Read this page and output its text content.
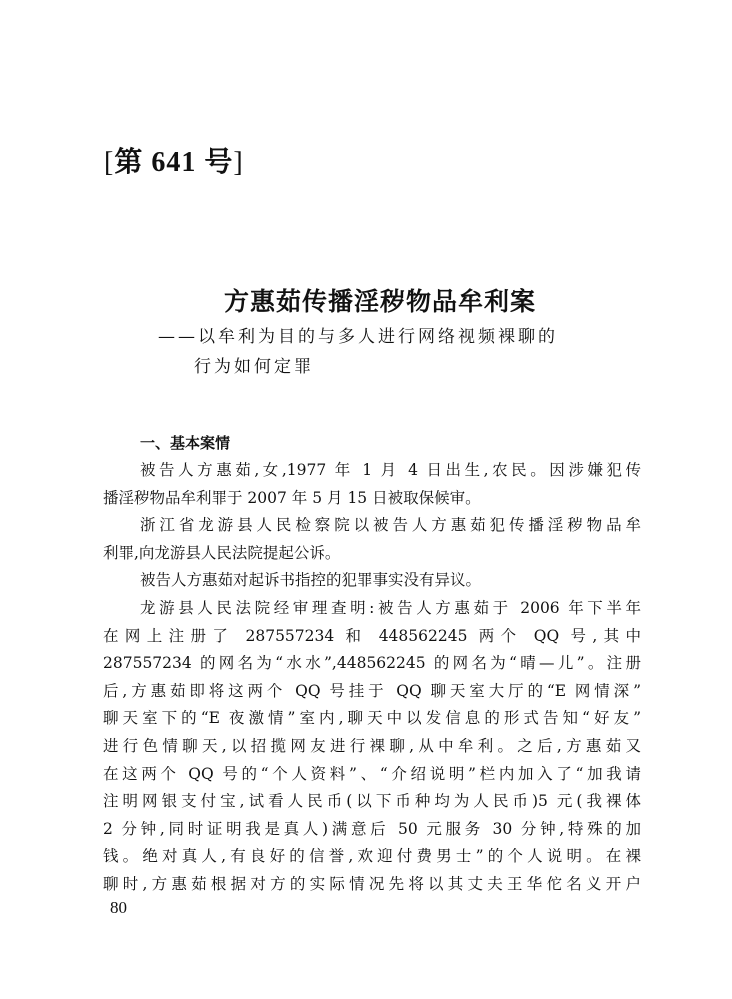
[第 641 号]
方惠茹传播淫秽物品牟利案
——以牟利为目的与多人进行网络视频裸聊的
行为如何定罪
一、基本案情
被告人方惠茹,女,1977 年 1 月 4 日出生,农民。因涉嫌犯传
播淫秽物品牟利罪于 2007 年 5 月 15 日被取保候审。
浙江省龙游县人民检察院以被告人方惠茹犯传播淫秽物品牟
利罪,向龙游县人民法院提起公诉。
被告人方惠茹对起诉书指控的犯罪事实没有异议。
龙游县人民法院经审理查明:被告人方惠茹于 2006 年下半年
在网上注册了 287557234 和 448562245 两个 QQ 号,其中
287557234 的网名为“水水”,448562245 的网名为“晴—儿”。注册
后,方惠茹即将这两个 QQ 号挂于 QQ 聊天室大厅的“E 网情深”
聊天室下的“E 夜激情”室内,聊天中以发信息的形式告知“好友”
进行色情聊天,以招揽网友进行裸聊,从中牟利。之后,方惠茹又
在这两个 QQ 号的“个人资料”、“介绍说明”栏内加入了“加我请
注明网银支付宝,试看人民币(以下币种均为人民币)5 元(我裸体
2 分钟,同时证明我是真人)满意后 50 元服务 30 分钟,特殊的加
钱。绝对真人,有良好的信誉,欢迎付费男士”的个人说明。在裸
聊时,方惠茹根据对方的实际情况先将以其丈夫王华佗名义开户
80
